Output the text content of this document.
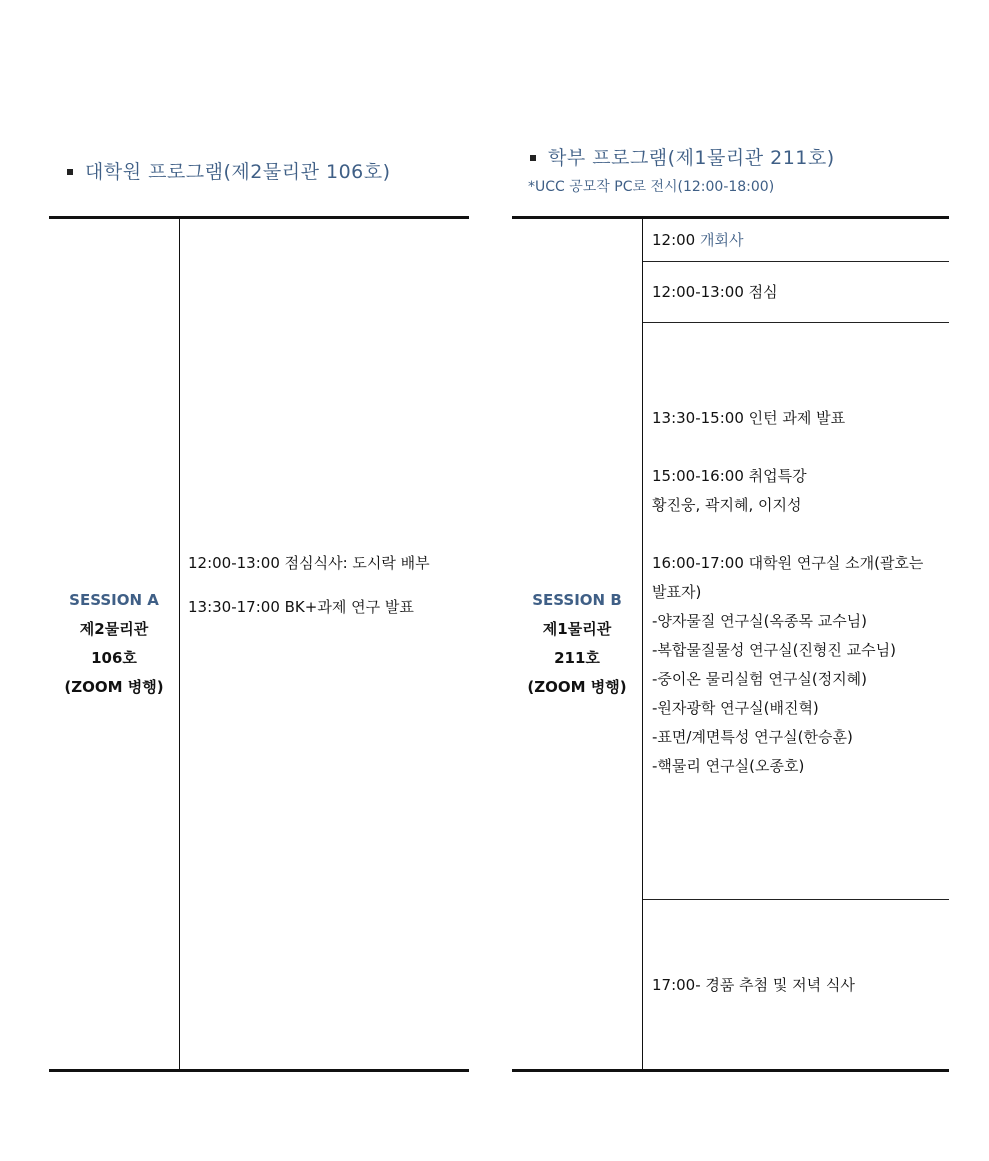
대학원 프로그램(제2물리관 106호)
학부 프로그램(제1물리관 211호)
*UCC 공모작 PC로 전시(12:00-18:00)
SESSION A
제2물리관
106호
(ZOOM 병행)
12:00-13:00 점심식사: 도시락 배부
13:30-17:00 BK+과제 연구 발표	SESSION B
제1물리관
211호
(ZOOM 병행)
12:00 개회사
12:00-13:00 점심
13:30-15:00 인턴 과제 발표
15:00-16:00 취업특강
황진웅, 곽지혜, 이지성
16:00-17:00 대학원 연구실 소개(괄호는 발표자)
-양자물질 연구실(옥종목 교수님)
-복합물질물성 연구실(진형진 교수님)
-중이온 물리실험 연구실(정지혜)
-원자광학 연구실(배진혁)
-표면/계면특성 연구실(한승훈)
-핵물리 연구실(오종호)
17:00- 경품 추첨 및 저녁 식사
